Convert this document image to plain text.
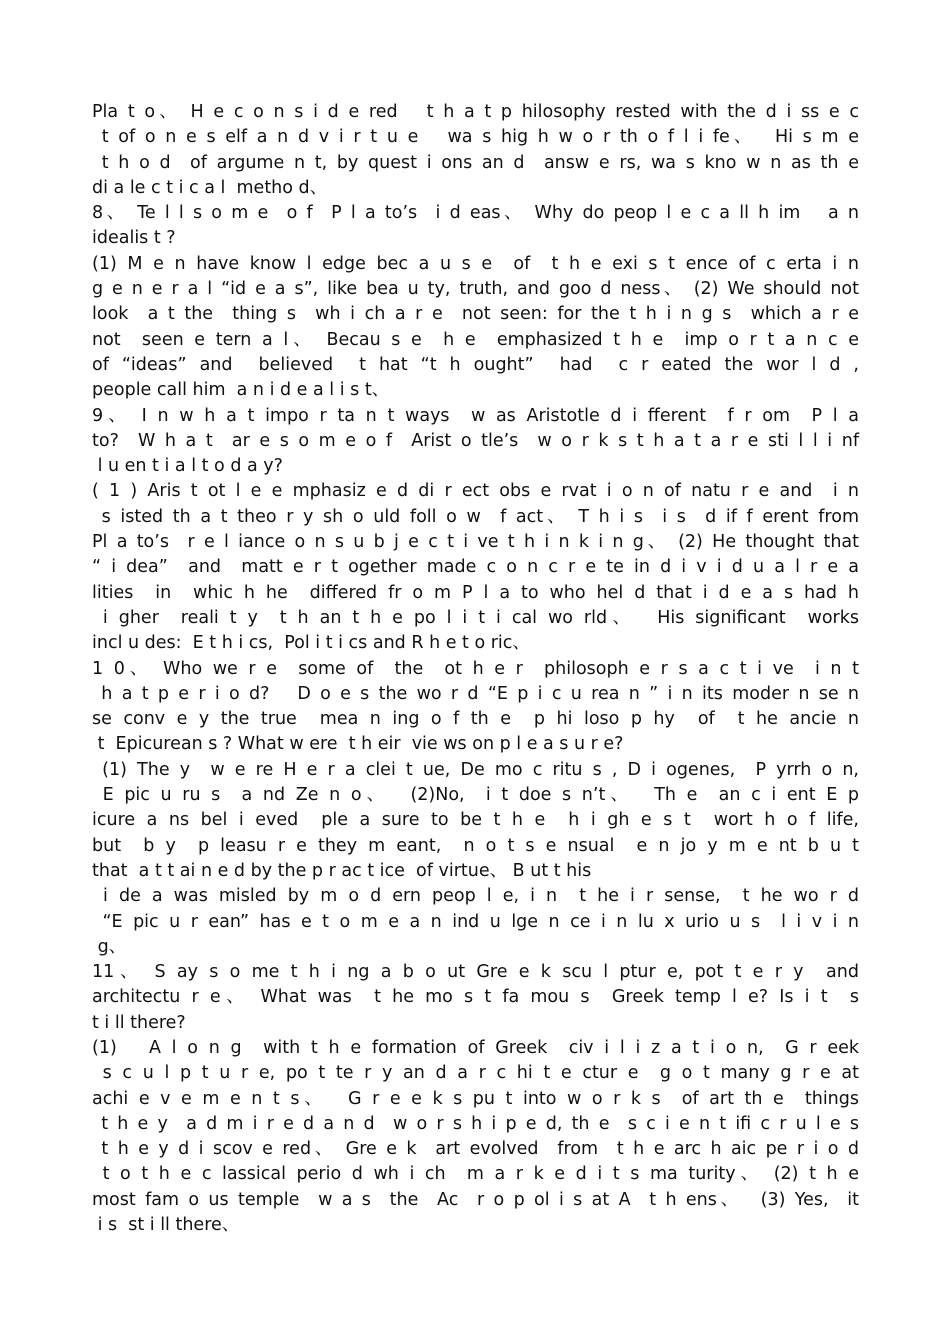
Pla t o、 H e c o n s i d e red   t h a t p hilosophy rested with the d i ss e c
t of o n e s elf a n d v i r t u e   wa s hig h w o r th o f l i fe、  Hi s m e
t h o d  of argume n t, by quest i ons an d  answ e rs, wa s kno w n as th e
di a le c t i c a l  metho d、
8、 Te l l s o m e  o f  P l a to’s  i d eas、 Why do peop l e c a ll h im   a n
idealis t ?
(1) M e n have know l edge bec a u s e  of  t h e exi s t ence of c erta i n
g e n e r a l “id e a s”, like bea u ty, truth, and goo d ness、 (2) We should not
look  a t the  thing s  wh i ch a r e  not seen: for the t h i n g s  which a r e
not  seen e tern a l、 Becau s e  h e  emphasized t h e  imp o r t a n c e
of “ideas” and  believed  t hat “t h ought”  had  c r eated the wor l d ,
people call him  a n i d e a l i s t、
9、 I n w h a t impo r ta n t ways  w as Aristotle d i fferent  f r om  P l a
to?  W h a t  ar e s o m e o f  Arist o tle’s  w o r k s t h a t a r e sti l l i nf
l u en t i a l t o d a y?
( 1 ) Aris t ot l e e mphasiz e d di r ect obs e rvat i o n of natu r e and  i n
s isted th a t theo r y sh o uld foll o w  f act、 T h i s  i s  d if f erent from
Pl a to’s  r e l iance o n s u b j e c t i ve t h i n k i n g、 (2) He thought that
“ i dea”  and  matt e r t ogether made c o n c r e te in d i v i d u a l r e a
lities  in  whic h he  differed fr o m P l a to who hel d that i d e a s had h
i gher  reali t y  t h an t h e po l i t i cal wo rld、  His significant  works
incl u des:  E t h i cs,  Pol i t i cs and R h e t o ric、
1 0、 Who we r e  some of  the  ot h e r  philosoph e r s a c t i ve  i n t
h a t p e r i o d?   D o e s the wo r d “E p i c u rea n ” i n its moder n se n
se conv e y the true  mea n ing o f th e  p hi loso p hy  of  t he ancie n
t  Epicurean s ? What w ere  t h eir  vie ws on p l e a s u r e?
(1) The y  w e re H e r a clei t ue, De mo c ritu s , D i ogenes,  P yrrh o n,
E pic u ru s  a nd Ze n o、  (2)No,  i t doe s n’t、  Th e  an c i ent E p
icure a ns bel i eved  ple a sure to be t h e  h i gh e s t  wort h o f life,
but  b y  p leasu r e they m eant,  n o t s e nsual  e n jo y m e nt b u t
that  a t t ai n e d by the p r ac t ice  of virtue、 B ut t his
i de a was misled by m o d ern peop l e, i n  t he i r sense,  t he wo r d
“E pic u r ean” has e t o m e a n ind u lge n ce i n lu x urio u s  l i v i n
g、
11、 S ay s o me t h i ng a b o ut Gre e k scu l ptur e, pot t e r y  and
architectu r e、 What was  t he mo s t fa mou s  Greek temp l e? Is i t  s
t i ll there?
(1)   A l o n g  with t h e formation of Greek  civ i l i z a t i o n,  G r eek
s c u l p t u r e, po t te r y an d a r c hi t e ctur e  g o t many g r e at
achi e v e m e n t s、  G r e e k s pu t into w o r k s  of art th e  things
t h e y  a d m i r e d a n d  w o r s h i p e d, th e  s c i e n t ifi c r u l e s
t h e y d i scov e red、 Gre e k  art evolved  from  t h e arc h aic pe r i o d
t o t h e c lassical perio d wh i ch  m a r k e d i t s ma turity、 (2) t h e
most fam o us temple  w a s  the  Ac  r o p ol i s at A  t h ens、  (3) Yes,  it
i s  st i ll there、
